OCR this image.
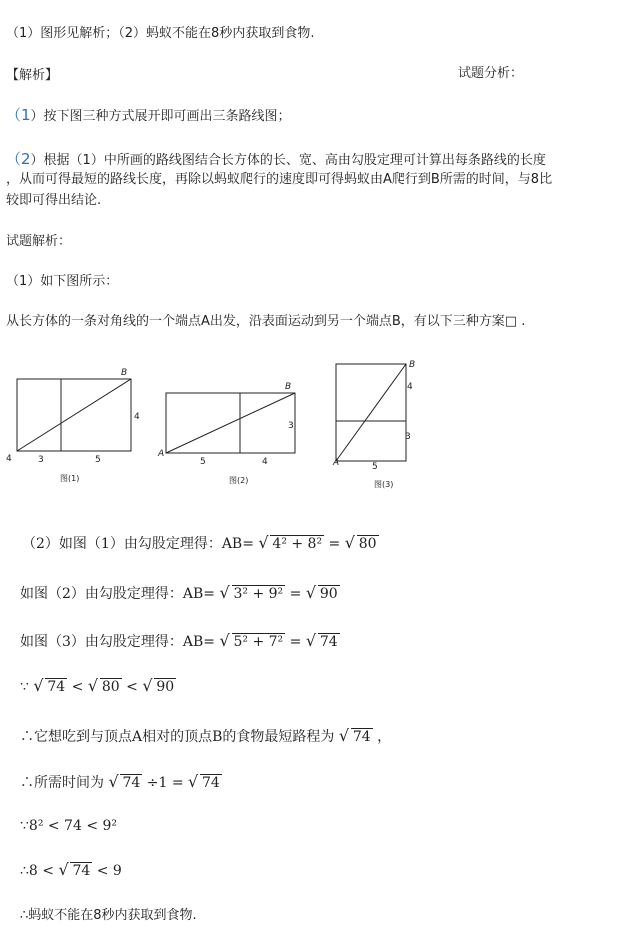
（1）图形见解析；（2）蚂蚁不能在8秒内获取到食物.
【解析】	试题分析：
（1）按下图三种方式展开即可画出三条路线图；
（2）根据（1）中所画的路线图结合长方体的长、宽、高由勾股定理可计算出每条路线的长度
，从而可得最短的路线长度，再除以蚂蚁爬行的速度即可得蚂蚁由A爬行到B所需的时间，与8比
较即可得出结论.
试题解析：
（1）如下图所示：
从长方体的一条对角线的一个端点A出发，沿表面运动到另一个端点B，有以下三种方案□ .
B
4
4	3	5
图(1)
A
B
3
5	4
图(2)
A
B
4
3
5
图(3)
（2）如图（1）由勾股定理得：AB= √ 4² + 8² = √ 80
如图（2）由勾股定理得：AB= √ 3² + 9² = √ 90
如图（3）由勾股定理得：AB= √ 5² + 7² = √ 74
∵ √ 74 < √ 80 < √ 90
∴它想吃到与顶点A相对的顶点B的食物最短路程为 √ 74 ，
∴所需时间为 √ 74 ÷1 = √ 74
∵8² < 74 < 9²
∴8 < √ 74 < 9
∴蚂蚁不能在8秒内获取到食物.
